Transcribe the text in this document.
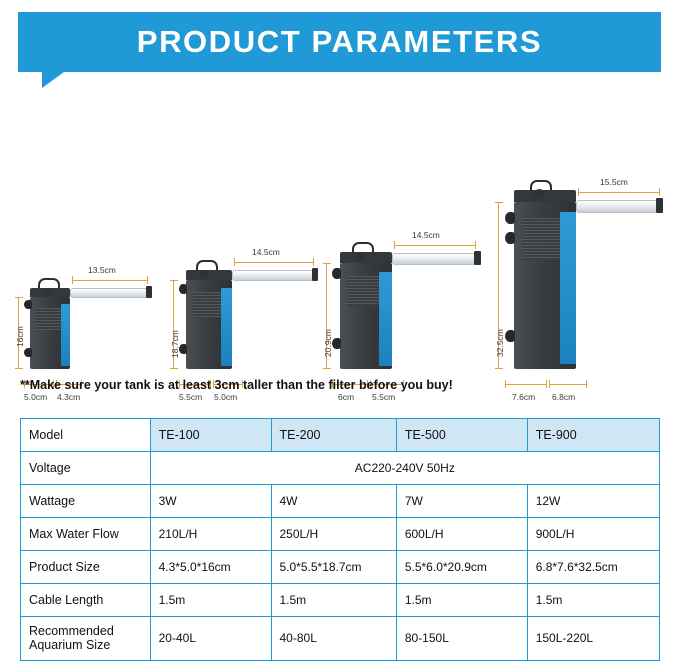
PRODUCT PARAMETERS
13.5cm
16cm
5.0cm 4.3cm
14.5cm
18.7cm
5.5cm 5.0cm
14.5cm
20.9cm
6cm 5.5cm
15.5cm
32.5cm
7.6cm 6.8cm
**Make sure your tank is at least 3cm taller than the filter before you buy!
Model	TE-100	TE-200	TE-500	TE-900
Voltage	AC220-240V 50Hz			
Wattage	3W	4W	7W	12W
Max Water Flow	210L/H	250L/H	600L/H	900L/H
Product Size	4.3*5.0*16cm	5.0*5.5*18.7cm	5.5*6.0*20.9cm	6.8*7.6*32.5cm
Cable Length	1.5m	1.5m	1.5m	1.5m

Recommended
Aquarium Size	20-40L	40-80L	80-150L	150L-220L
